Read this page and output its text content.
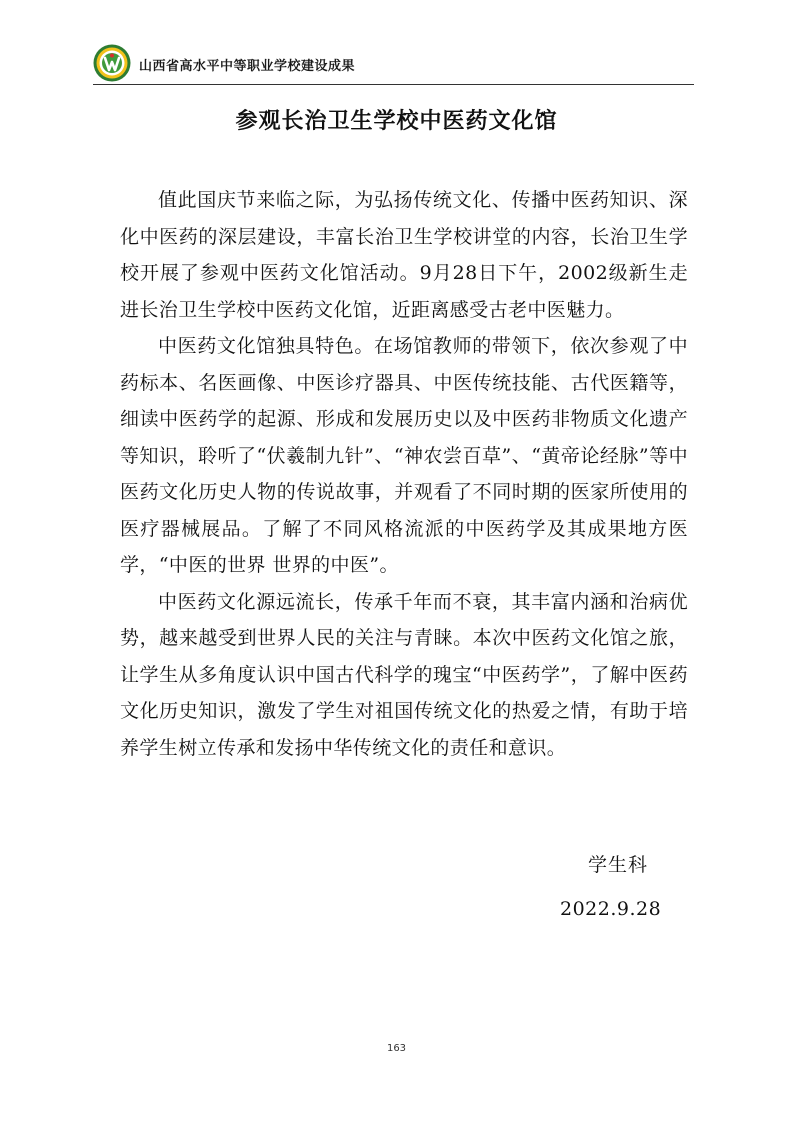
山西省高水平中等职业学校建设成果
参观长治卫生学校中医药文化馆

值此国庆节来临之际，为弘扬传统文化、传播中医药知识、深化中医药的深层建设，丰富长治卫生学校讲堂的内容，长治卫生学校开展了参观中医药文化馆活动。9月28日下午，2002级新生走进长治卫生学校中医药文化馆，近距离感受古老中医魅力。

中医药文化馆独具特色。在场馆教师的带领下，依次参观了中药标本、名医画像、中医诊疗器具、中医传统技能、古代医籍等，细读中医药学的起源、形成和发展历史以及中医药非物质文化遗产等知识，聆听了“伏羲制九针”、“神农尝百草”、“黄帝论经脉”等中医药文化历史人物的传说故事，并观看了不同时期的医家所使用的医疗器械展品。了解了不同风格流派的中医药学及其成果地方医学，“中医的世界 世界的中医”。

中医药文化源远流长，传承千年而不衰，其丰富内涵和治病优势，越来越受到世界人民的关注与青睐。本次中医药文化馆之旅，让学生从多角度认识中国古代科学的瑰宝“中医药学”，了解中医药文化历史知识，激发了学生对祖国传统文化的热爱之情，有助于培养学生树立传承和发扬中华传统文化的责任和意识。

学生科
2022.9.28
163
